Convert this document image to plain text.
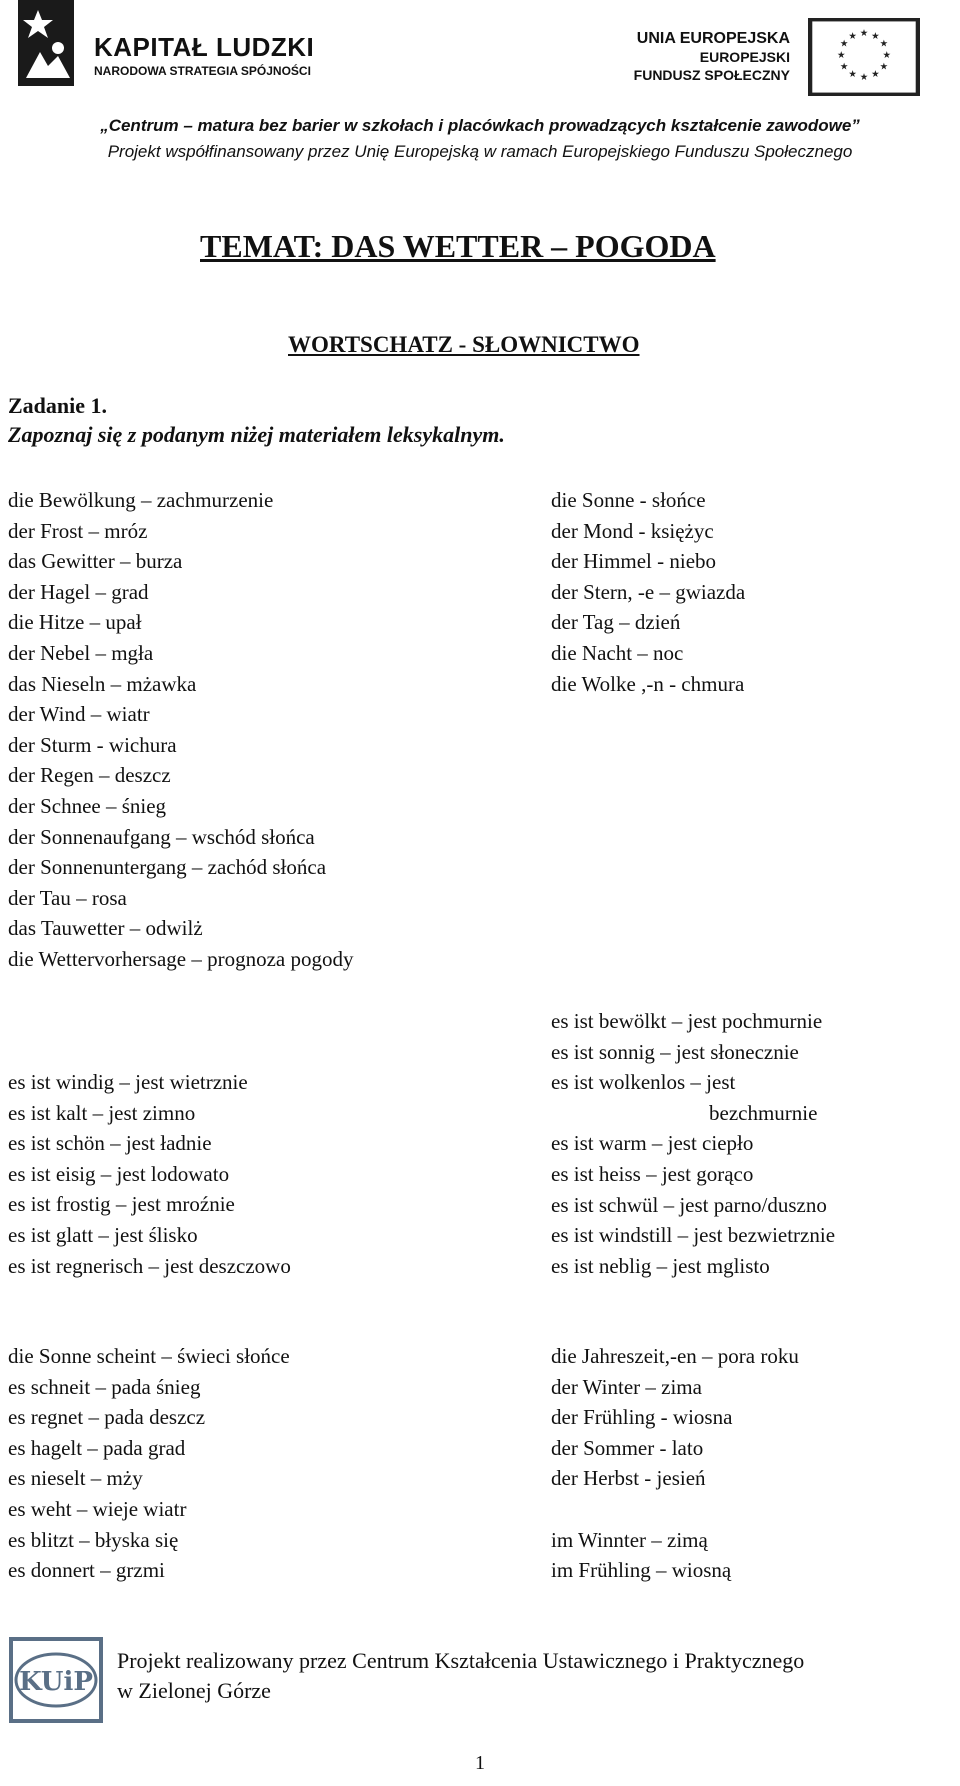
KAPITAŁ LUDZKI
NARODOWA STRATEGIA SPÓJNOŚCI
UNIA EUROPEJSKA
EUROPEJSKI
FUNDUSZ SPOŁECZNY
★ ★
★
★
★
★
★
★
★
★
★
★
„Centrum – matura bez barier w szkołach i placówkach prowadzących kształcenie zawodowe”
Projekt współfinansowany przez Unię Europejską w ramach Europejskiego Funduszu Społecznego
TEMAT: DAS WETTER – POGODA
WORTSCHATZ - SŁOWNICTWO
Zadanie 1.
Zapoznaj się z podanym niżej materiałem leksykalnym.
die Bewölkung – zachmurzenie
der Frost – mróz
das Gewitter – burza
der Hagel – grad
die Hitze – upał
der Nebel – mgła
das Nieseln – mżawka
der Wind – wiatr
der Sturm - wichura
der Regen – deszcz
der Schnee – śnieg
der Sonnenaufgang – wschód słońca
der Sonnenuntergang – zachód słońca
der Tau – rosa
das Tauwetter – odwilż
die Wettervorhersage – prognoza pogody
die Sonne - słońce
der Mond - księżyc
der Himmel - niebo
der Stern, -e – gwiazda
der Tag – dzień
die Nacht – noc
die Wolke ,-n - chmura
es ist windig – jest wietrznie
es ist kalt – jest zimno
es ist schön – jest ładnie
es ist eisig – jest lodowato
es ist frostig – jest mroźnie
es ist glatt – jest ślisko
es ist regnerisch – jest deszczowo
es ist bewölkt – jest pochmurnie
es ist sonnig – jest słonecznie
es ist wolkenlos – jest
bezchmurnie
es ist warm – jest ciepło
es ist heiss – jest gorąco
es ist schwül – jest parno/duszno
es ist windstill – jest bezwietrznie
es ist neblig – jest mglisto
die Sonne scheint – świeci słońce
es schneit – pada śnieg
es regnet – pada deszcz
es hagelt – pada grad
es nieselt – mży
es weht – wieje wiatr
es blitzt – błyska się
es donnert – grzmi
die Jahreszeit,-en – pora roku
der Winter – zima
der Frühling - wiosna
der Sommer - lato
der Herbst - jesień
im Winnter – zimą
im Frühling – wiosną
KUiP
Projekt realizowany przez Centrum Kształcenia Ustawicznego i Praktycznego
w Zielonej Górze
1
